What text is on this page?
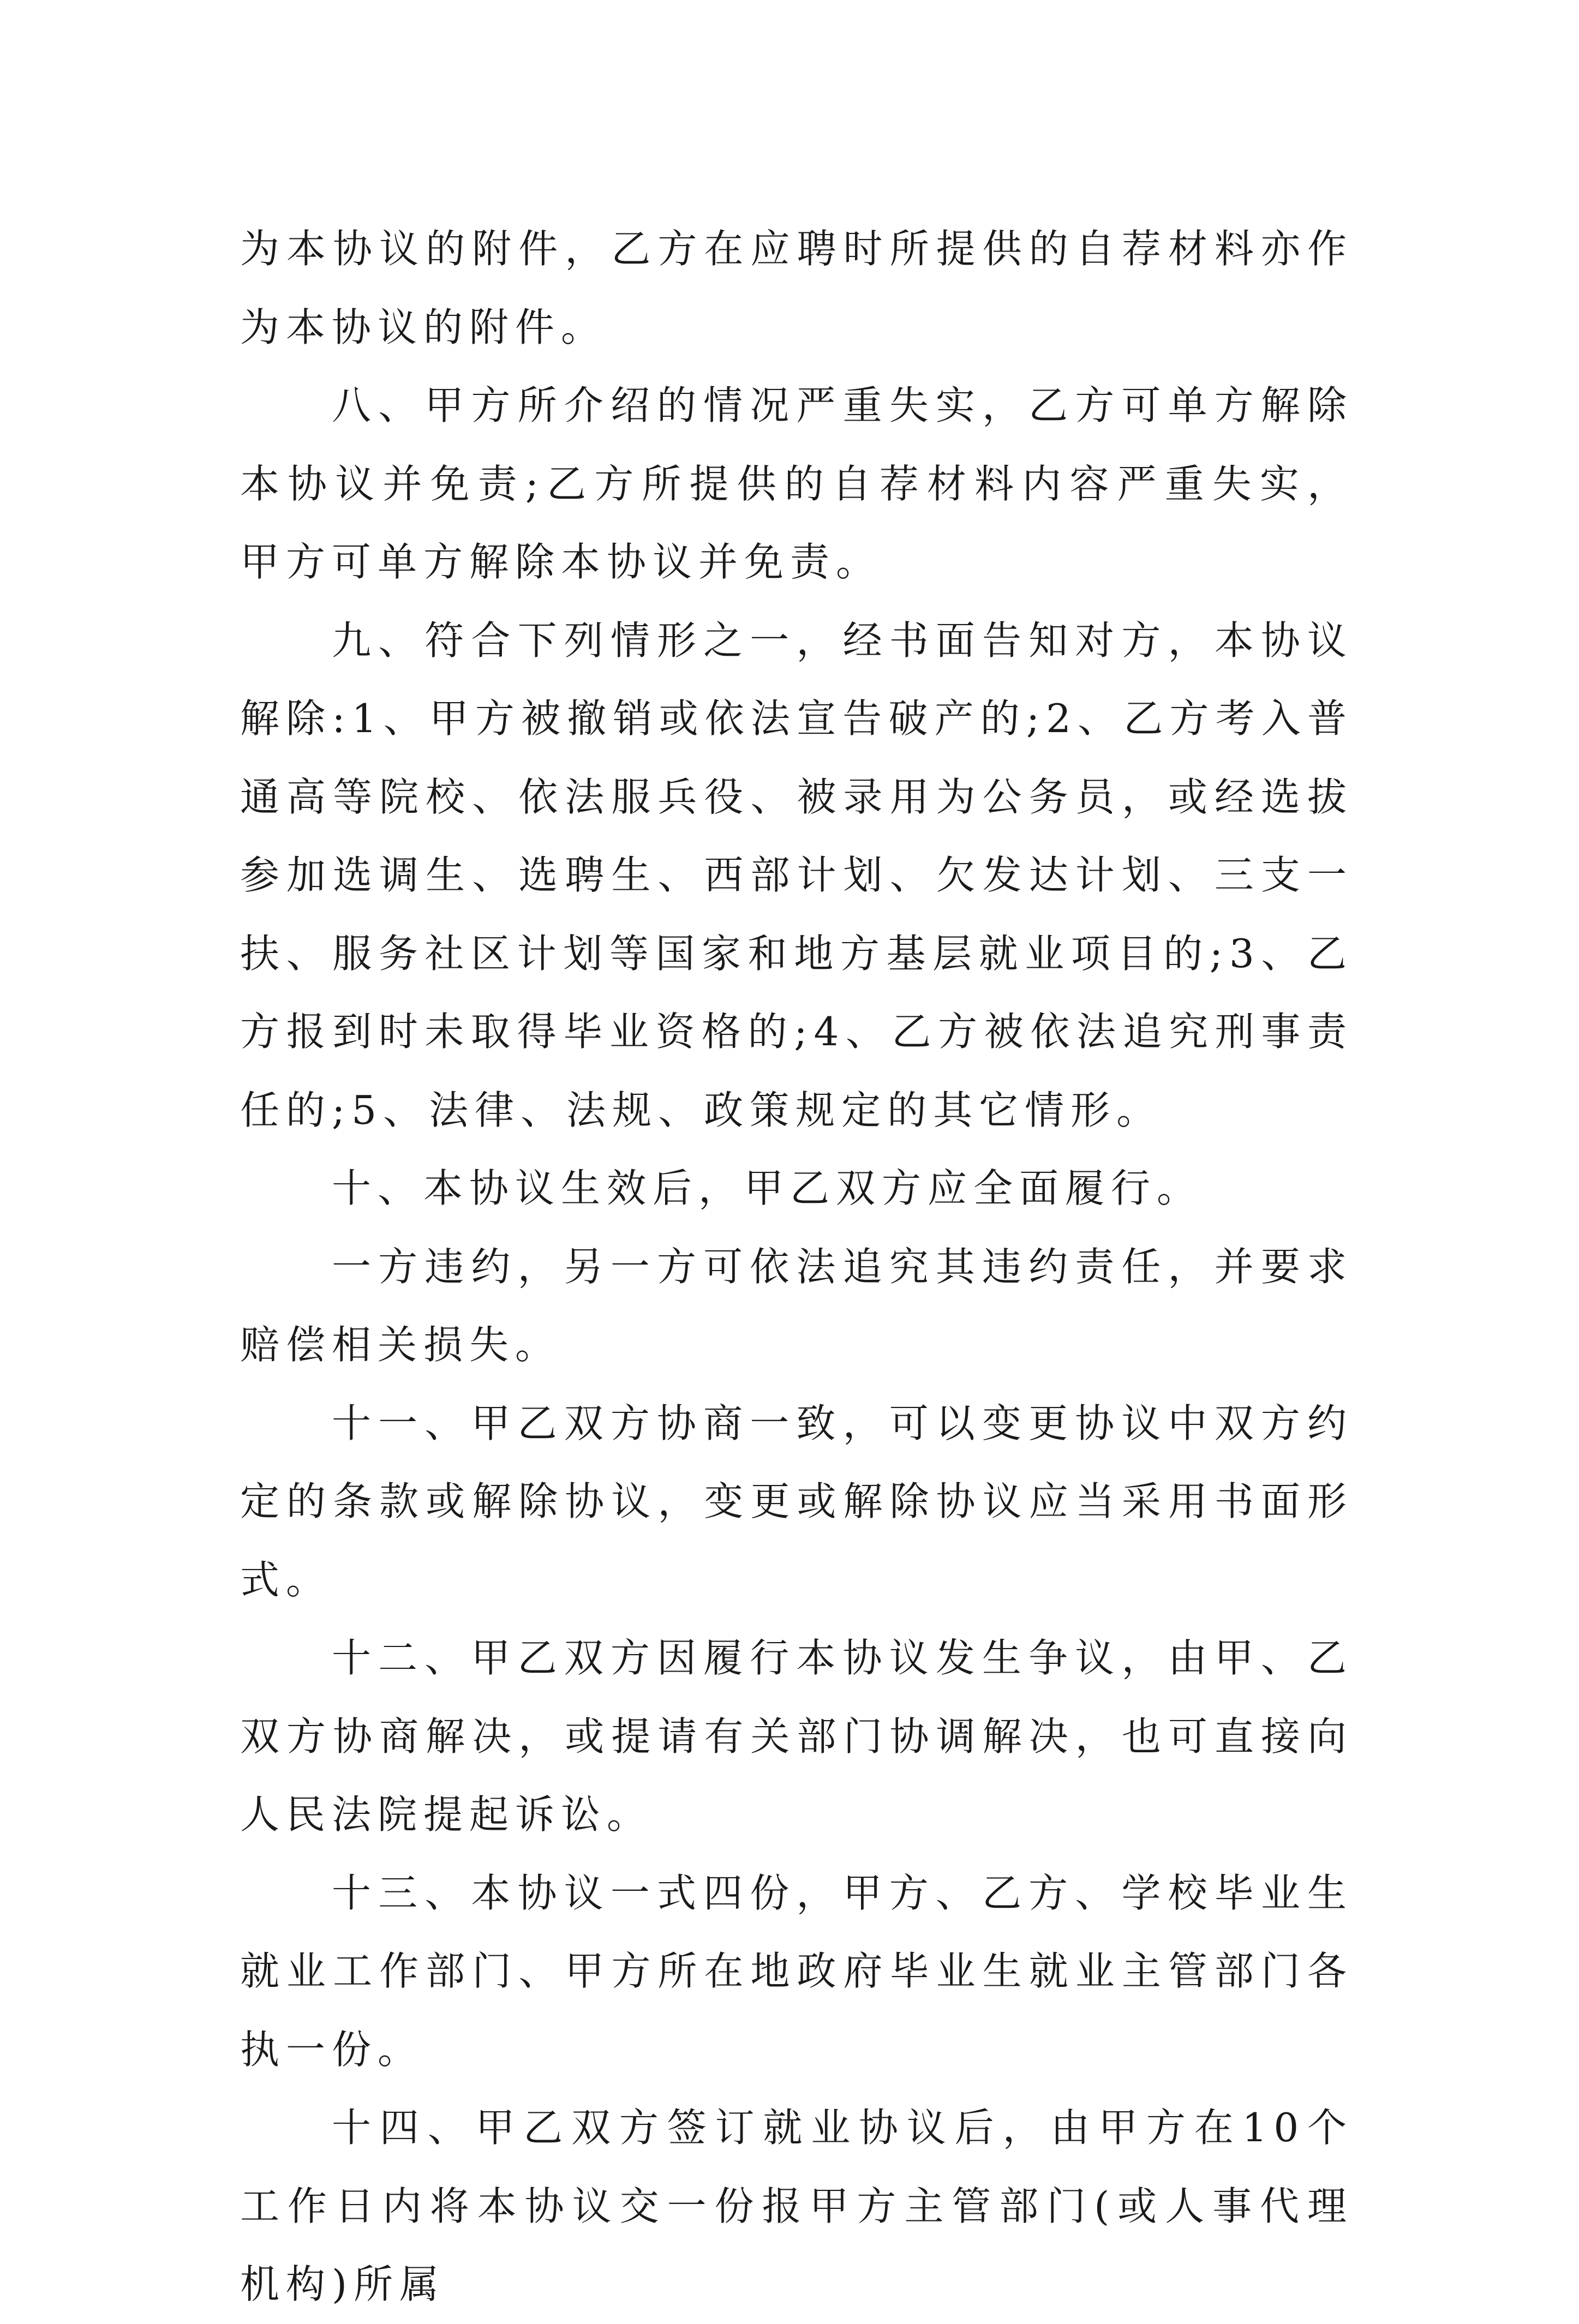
为本协议的附件，乙方在应聘时所提供的自荐材料亦作为本协议的附件。

八、甲方所介绍的情况严重失实，乙方可单方解除本协议并免责;乙方所提供的自荐材料内容严重失实，甲方可单方解除本协议并免责。

九、符合下列情形之一，经书面告知对方，本协议解除:1、甲方被撤销或依法宣告破产的;2、乙方考入普通高等院校、依法服兵役、被录用为公务员，或经选拔参加选调生、选聘生、西部计划、欠发达计划、三支一扶、服务社区计划等国家和地方基层就业项目的;3、乙方报到时未取得毕业资格的;4、乙方被依法追究刑事责任的;5、法律、法规、政策规定的其它情形。

十、本协议生效后，甲乙双方应全面履行。

一方违约，另一方可依法追究其违约责任，并要求赔偿相关损失。

十一、甲乙双方协商一致，可以变更协议中双方约定的条款或解除协议，变更或解除协议应当采用书面形式。

十二、甲乙双方因履行本协议发生争议，由甲、乙双方协商解决，或提请有关部门协调解决，也可直接向人民法院提起诉讼。

十三、本协议一式四份，甲方、乙方、学校毕业生就业工作部门、甲方所在地政府毕业生就业主管部门各执一份。

十四、甲乙双方签订就业协议后，由甲方在10个工作日内将本协议交一份报甲方主管部门(或人事代理机构)所属
